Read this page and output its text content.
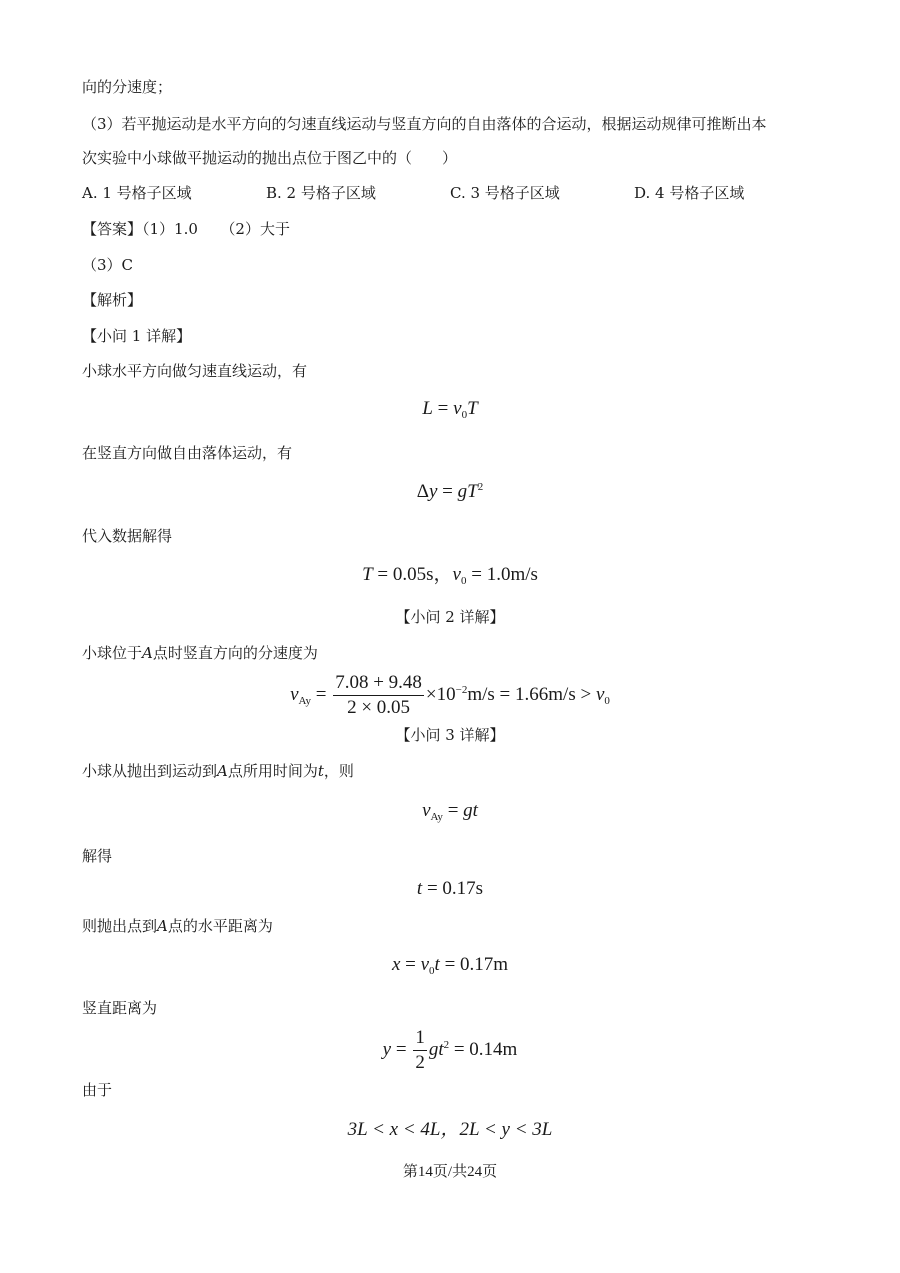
向的分速度；
（3）若平抛运动是水平方向的匀速直线运动与竖直方向的自由落体的合运动，根据运动规律可推断出本
次实验中小球做平抛运动的抛出点位于图乙中的（　　）
A. 1 号格子区域	B. 2 号格子区域	C. 3 号格子区域	D. 4 号格子区域
【答案】（1）1.0　　（2）大于
（3）C
【解析】
【小问 1 详解】
小球水平方向做匀速直线运动，有
$L = v_0T$
在竖直方向做自由落体运动，有
$\Delta y = gT^2$
代入数据解得
T = 0.05s，$v_0 = 1.0m/s$
【小问 2 详解】
小球位于A点时竖直方向的分速度为
$v_{Ay} = \frac{7.08 + 9.48}{2 \times 0.05} \times 10^{-2}m/s = 1.66m/s > v_0$
【小问 3 详解】
小球从抛出到运动到A点所用时间为t，则
$v_{Ay}$ = gt
解得
t = 0.17s
则抛出点到A点的水平距离为
$x = v_0t = 0.17m$
竖直距离为
$y = \frac{1}{2} gt^2 = 0.14m$
由于
3L < x < 4L，2L < y < 3L
第14页/共24页
